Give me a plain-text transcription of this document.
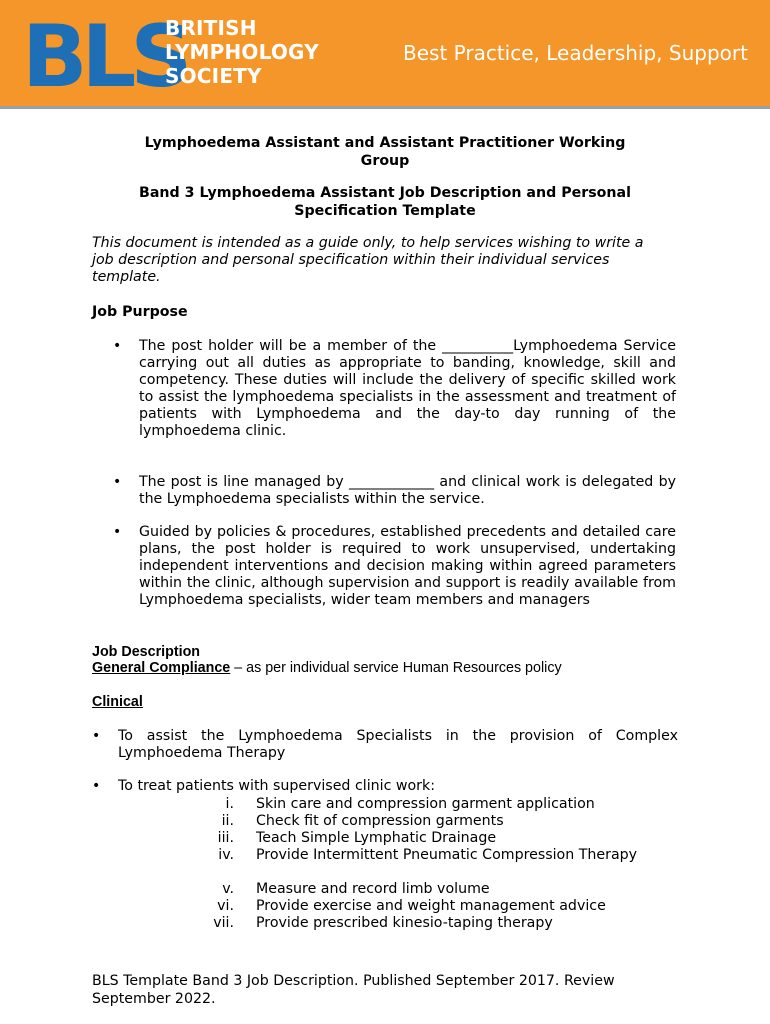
BLS
BRITISH
LYMPHOLOGY
SOCIETY
Best Practice, Leadership, Support
Lymphoedema Assistant and Assistant Practitioner Working
Group
Band 3 Lymphoedema Assistant Job Description and Personal
Specification Template
This document is intended as a guide only, to help services wishing to write a job description and personal specification within their individual services template.
Job Purpose
• The post holder will be a member of the __________Lymphoedema Service carrying out all duties as appropriate to banding, knowledge, skill and competency. These duties will include the delivery of specific skilled work to assist the lymphoedema specialists in the assessment and treatment of patients with Lymphoedema and the day-to day running of the lymphoedema clinic.
• The post is line managed by ____________ and clinical work is delegated by the Lymphoedema specialists within the service.
• Guided by policies & procedures, established precedents and detailed care plans, the post holder is required to work unsupervised, undertaking independent interventions and decision making within agreed parameters within the clinic, although supervision and support is readily available from Lymphoedema specialists, wider team members and managers
Job Description
General Compliance – as per individual service Human Resources policy
Clinical
• To assist the Lymphoedema Specialists in the provision of Complex Lymphoedema Therapy
• To treat patients with supervised clinic work:
i. Skin care and compression garment application
ii. Check fit of compression garments
iii. Teach Simple Lymphatic Drainage
iv. Provide Intermittent Pneumatic Compression Therapy
v. Measure and record limb volume
vi. Provide exercise and weight management advice
vii. Provide prescribed kinesio-taping therapy
BLS Template Band 3 Job Description. Published September 2017. Review September 2022.
